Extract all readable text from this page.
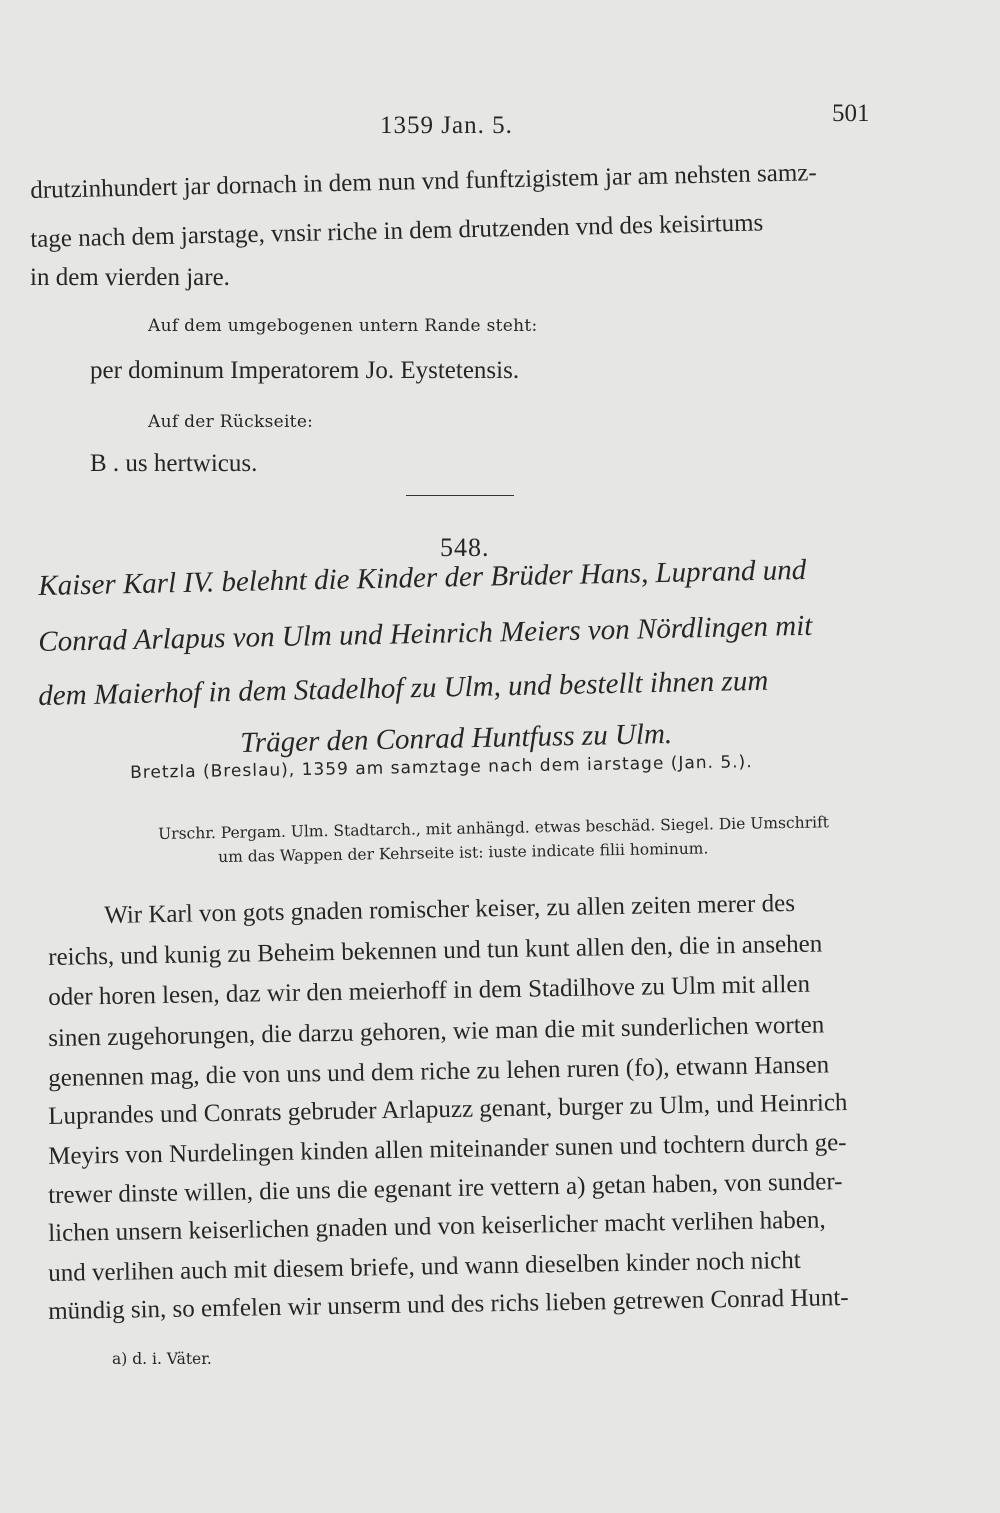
1359 Jan. 5.	501
drutzinhundert jar dornach in dem nun vnd funftzigistem jar am nehsten samz-
tage nach dem jarstage, vnsir riche in dem drutzenden vnd des keisirtums
in dem vierden jare.
Auf dem umgebogenen untern Rande steht:
per dominum Imperatorem Jo. Eystetensis.
Auf der Rückseite:
B . us hertwicus.
548.
Kaiser Karl IV. belehnt die Kinder der Brüder Hans, Luprand und
Conrad Arlapus von Ulm und Heinrich Meiers von Nördlingen mit
dem Maierhof in dem Stadelhof zu Ulm, und bestellt ihnen zum
Träger den Conrad Huntfuss zu Ulm.
Bretzla (Breslau), 1359 am samztage nach dem iarstage (Jan. 5.).
Urschr. Pergam. Ulm. Stadtarch., mit anhängd. etwas beschäd. Siegel. Die Umschrift
um das Wappen der Kehrseite ist: iuste indicate filii hominum.
Wir Karl von gots gnaden romischer keiser, zu allen zeiten merer des
reichs, und kunig zu Beheim bekennen und tun kunt allen den, die in ansehen
oder horen lesen, daz wir den meierhoff in dem Stadilhove zu Ulm mit allen
sinen zugehorungen, die darzu gehoren, wie man die mit sunderlichen worten
genennen mag, die von uns und dem riche zu lehen ruren (fo), etwann Hansen
Luprandes und Conrats gebruder Arlapuzz genant, burger zu Ulm, und Heinrich
Meyirs von Nurdelingen kinden allen miteinander sunen und tochtern durch ge-
trewer dinste willen, die uns die egenant ire vettern a) getan haben, von sunder-
lichen unsern keiserlichen gnaden und von keiserlicher macht verlihen haben,
und verlihen auch mit diesem briefe, und wann dieselben kinder noch nicht
mündig sin, so emfelen wir unserm und des richs lieben getrewen Conrad Hunt-
a) d. i. Väter.
